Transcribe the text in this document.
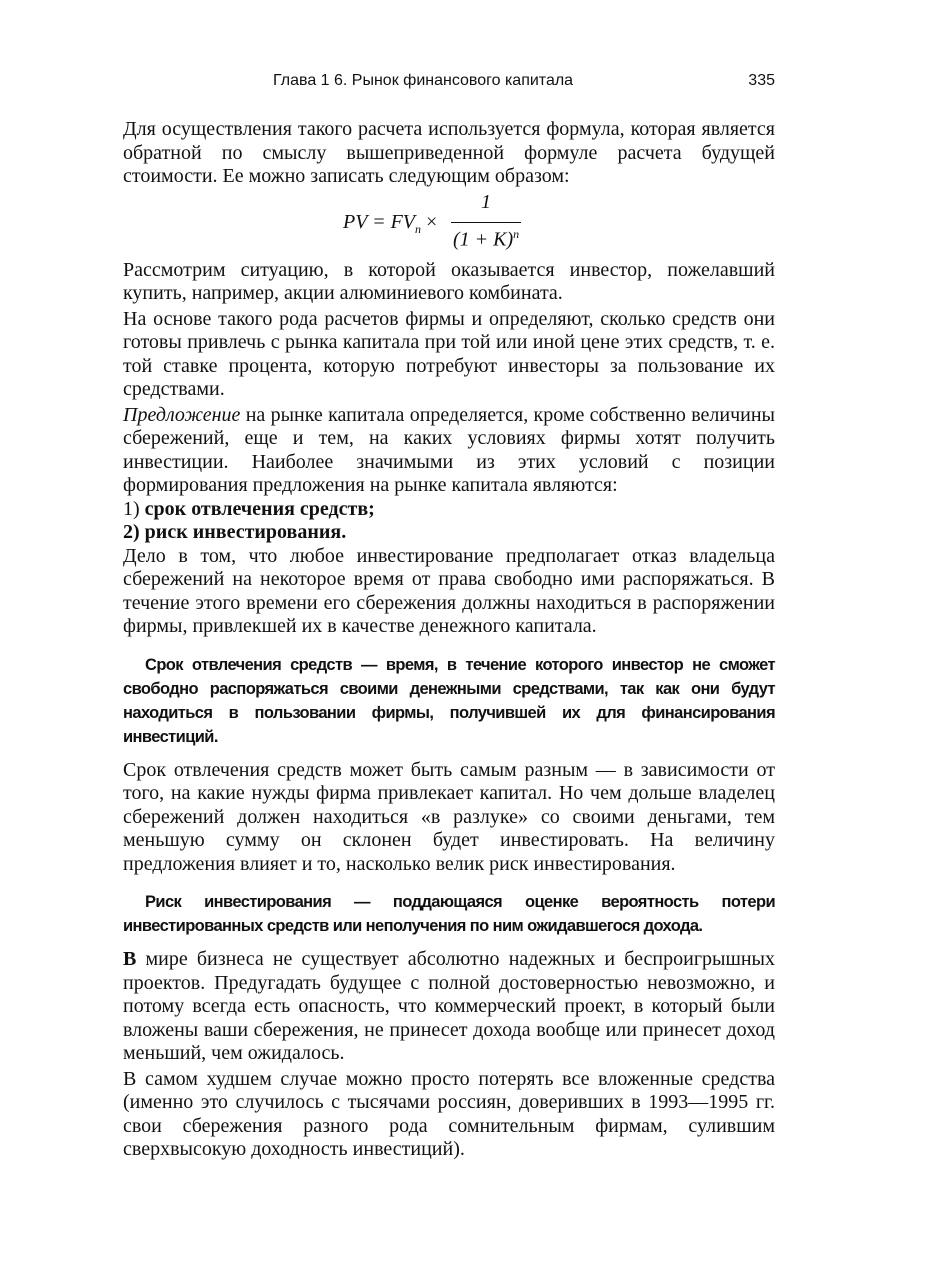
Глава 1 6. Рынок финансового капитала	335

Для осуществления такого расчета используется формула, которая является обратной по смыслу вышеприведенной формуле расчета будущей стоимости. Ее можно записать следующим образом:

PV = $FV_n$ ×
1
$(1 + K)^n$

Рассмотрим ситуацию, в которой оказывается инвестор, пожелавший купить, например, акции алюминиевого комбината.

На основе такого рода расчетов фирмы и определяют, сколько средств они готовы привлечь с рынка капитала при той или иной цене этих средств, т. е. той ставке процента, которую потребуют инвесторы за пользование их средствами.

Предложение на рынке капитала определяется, кроме собственно величины сбережений, еще и тем, на каких условиях фирмы хотят получить инвестиции. Наиболее значимыми из этих условий с позиции формирования предложения на рынке капитала являются:

1) срок отвлечения средств;
2) риск инвестирования.

Дело в том, что любое инвестирование предполагает отказ владельца сбережений на некоторое время от права свободно ими распоряжаться. В течение этого времени его сбережения должны находиться в распоряжении фирмы, привлекшей их в качестве денежного капитала.

Срок отвлечения средств — время, в течение которого инвестор не сможет свободно распоряжаться своими денежными средствами, так как они будут находиться в пользовании фирмы, получившей их для финансирования инвестиций.

Срок отвлечения средств может быть самым разным — в зависимости от того, на какие нужды фирма привлекает капитал. Но чем дольше владелец сбережений должен находиться «в разлуке» со своими деньгами, тем меньшую сумму он склонен будет инвестировать. На величину предложения влияет и то, насколько велик риск инвестирования.

Риск инвестирования — поддающаяся оценке вероятность потери инвестированных средств или неполучения по ним ожидавшегося дохода.

В мире бизнеса не существует абсолютно надежных и беспроигрышных проектов. Предугадать будущее с полной достоверностью невозможно, и потому всегда есть опасность, что коммерческий проект, в который были вложены ваши сбережения, не принесет дохода вообще или принесет доход меньший, чем ожидалось.

В самом худшем случае можно просто потерять все вложенные средства (именно это случилось с тысячами россиян, доверивших в 1993—1995 гг. свои сбережения разного рода сомнительным фирмам, сулившим сверхвысокую доходность инвестиций).
